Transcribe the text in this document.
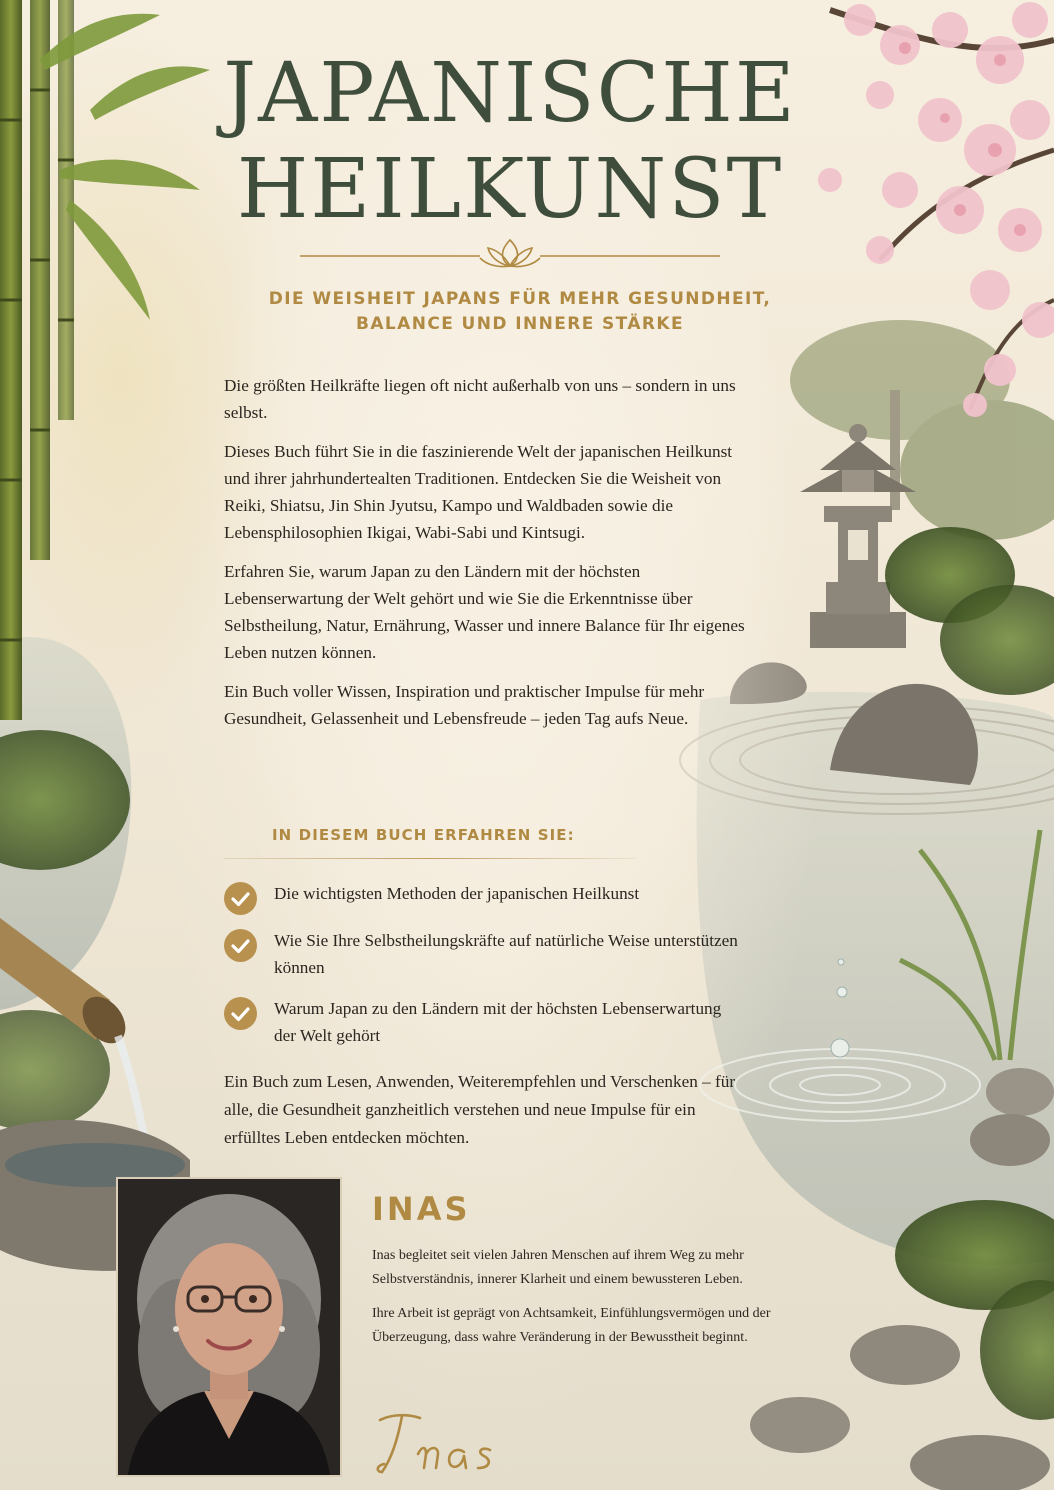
JAPANISCHE
HEILKUNST
DIE WEISHEIT JAPANS FÜR MEHR GESUNDHEIT,
BALANCE UND INNERE STÄRKE

Die größten Heilkräfte liegen oft nicht außerhalb von uns – sondern in uns selbst.

Dieses Buch führt Sie in die faszinierende Welt der japanischen Heilkunst und ihrer jahrhundertealten Traditionen. Entdecken Sie die Weisheit von Reiki, Shiatsu, Jin Shin Jyutsu, Kampo und Waldbaden sowie die Lebensphilosophien Ikigai, Wabi-Sabi und Kintsugi.

Erfahren Sie, warum Japan zu den Ländern mit der höchsten Lebenserwartung der Welt gehört und wie Sie die Erkenntnisse über Selbstheilung, Natur, Ernährung, Wasser und innere Balance für Ihr eigenes Leben nutzen können.

Ein Buch voller Wissen, Inspiration und praktischer Impulse für mehr Gesundheit, Gelassenheit und Lebensfreude – jeden Tag aufs Neue.

IN DIESEM BUCH ERFAHREN SIE:
Die wichtigsten Methoden der japanischen Heilkunst
Wie Sie Ihre Selbstheilungskräfte auf natürliche Weise unterstützen können
Warum Japan zu den Ländern mit der höchsten Lebenserwartung der Welt gehört

Ein Buch zum Lesen, Anwenden, Weiterempfehlen und Verschenken – für alle, die Gesundheit ganzheitlich verstehen und neue Impulse für ein erfülltes Leben entdecken möchten.

INAS

Inas begleitet seit vielen Jahren Menschen auf ihrem Weg zu mehr Selbstverständnis, innerer Klarheit und einem bewussteren Leben.

Ihre Arbeit ist geprägt von Achtsamkeit, Einfühlungsvermögen und der Überzeugung, dass wahre Veränderung in der Bewusstheit beginnt.
